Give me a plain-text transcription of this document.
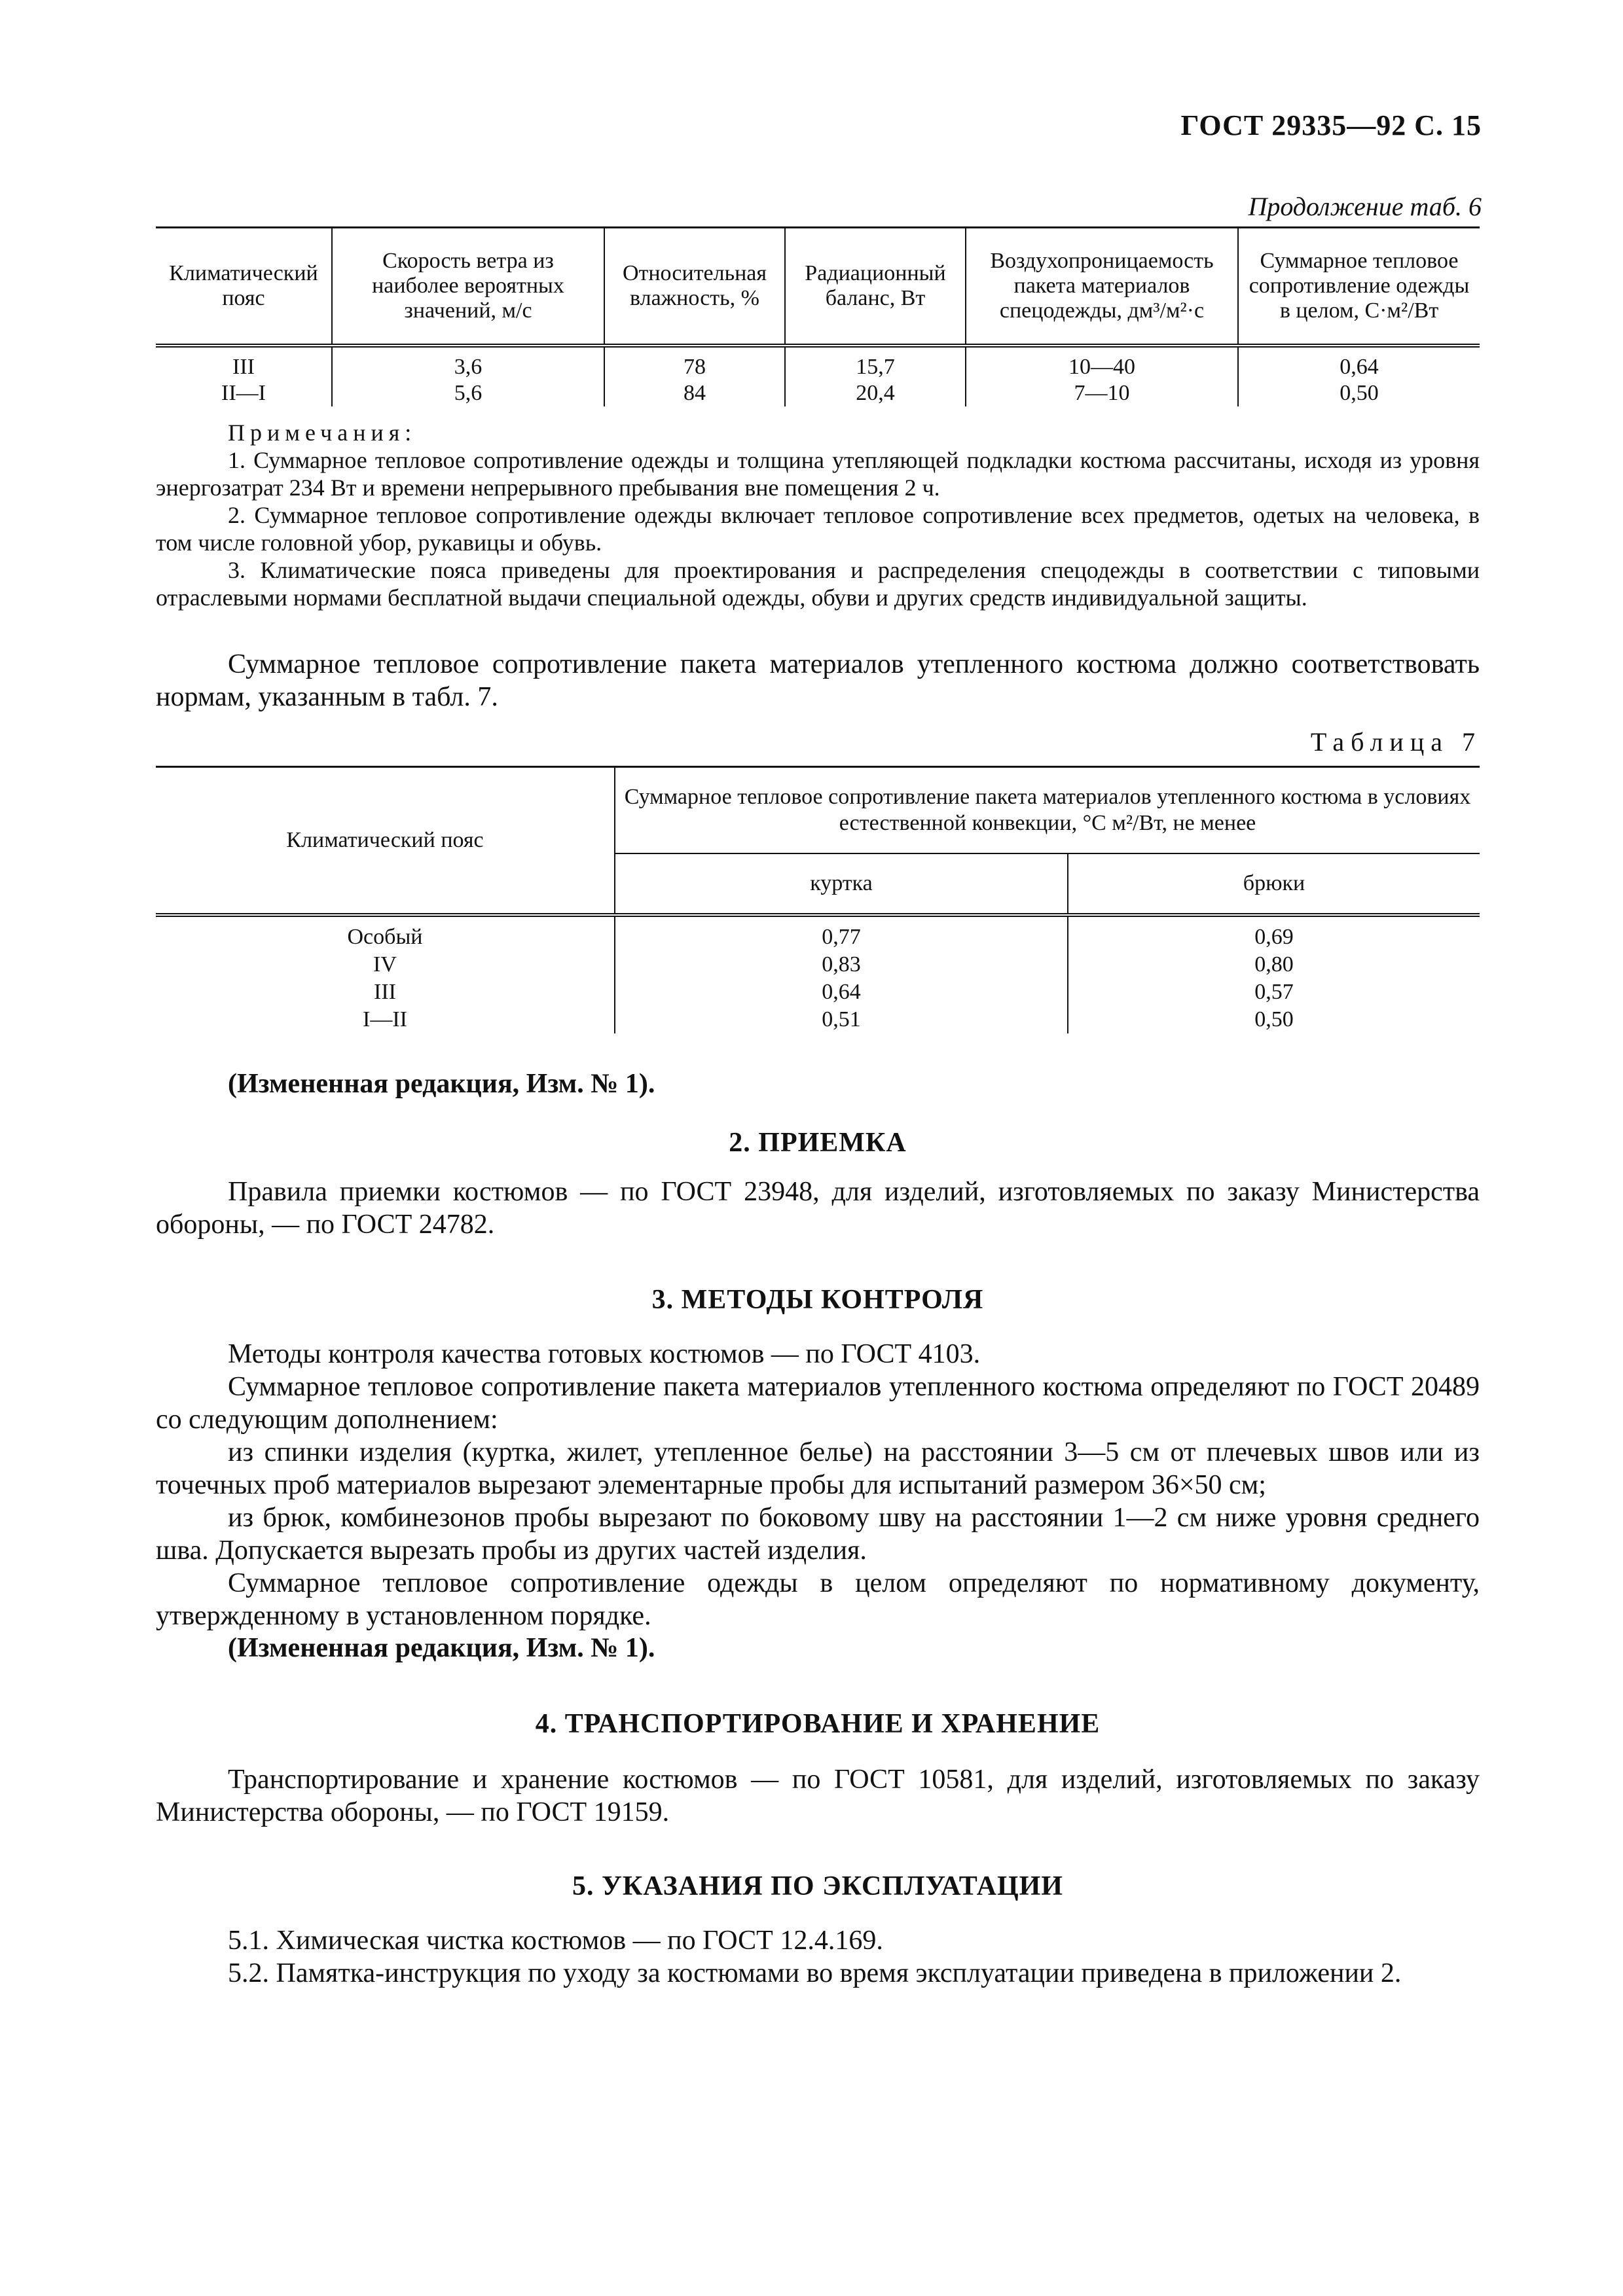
ГОСТ 29335—92 С. 15
Продолжение таб. 6
Климатический пояс	Скорость ветра из наиболее вероятных значений, м/с	Относительная влажность, %	Радиационный баланс, Вт	Воздухопроницаемость пакета материалов спецодежды, дм³/м²·с	Суммарное тепловое сопротивление одежды в целом, С·м²/Вт
III	3,6	78	15,7	10—40	0,64
II—I	5,6	84	20,4	7—10	0,50
Примечания:

1. Суммарное тепловое сопротивление одежды и толщина утепляющей подкладки костюма рассчитаны, исходя из уровня энергозатрат 234 Вт и времени непрерывного пребывания вне помещения 2 ч.

2. Суммарное тепловое сопротивление одежды включает тепловое сопротивление всех предметов, одетых на человека, в том числе головной убор, рукавицы и обувь.

3. Климатические пояса приведены для проектирования и распределения спецодежды в соответствии с типовыми отраслевыми нормами бесплатной выдачи специальной одежды, обуви и других средств индивидуальной защиты.

Суммарное тепловое сопротивление пакета материалов утепленного костюма должно соответствовать нормам, указанным в табл. 7.

Таблица 7
Климатический пояс	Суммарное тепловое сопротивление пакета материалов утепленного костюма в условиях естественной конвекции, °С м²/Вт, не менее	
	куртка	брюки
Особый	0,77	0,69
IV	0,83	0,80
III	0,64	0,57
I—II	0,51	0,50
(Измененная редакция, Изм. № 1).
2. ПРИЕМКА

Правила приемки костюмов — по ГОСТ 23948, для изделий, изготовляемых по заказу Министерства обороны, — по ГОСТ 24782.

3. МЕТОДЫ КОНТРОЛЯ

Методы контроля качества готовых костюмов — по ГОСТ 4103.

Суммарное тепловое сопротивление пакета материалов утепленного костюма определяют по ГОСТ 20489 со следующим дополнением:

из спинки изделия (куртка, жилет, утепленное белье) на расстоянии 3—5 см от плечевых швов или из точечных проб материалов вырезают элементарные пробы для испытаний размером 36×50 см;

из брюк, комбинезонов пробы вырезают по боковому шву на расстоянии 1—2 см ниже уровня среднего шва. Допускается вырезать пробы из других частей изделия.

Суммарное тепловое сопротивление одежды в целом определяют по нормативному документу, утвержденному в установленном порядке.

(Измененная редакция, Изм. № 1).
4. ТРАНСПОРТИРОВАНИЕ И ХРАНЕНИЕ

Транспортирование и хранение костюмов — по ГОСТ 10581, для изделий, изготовляемых по заказу Министерства обороны, — по ГОСТ 19159.

5. УКАЗАНИЯ ПО ЭКСПЛУАТАЦИИ

5.1. Химическая чистка костюмов — по ГОСТ 12.4.169.

5.2. Памятка-инструкция по уходу за костюмами во время эксплуатации приведена в приложении 2.
